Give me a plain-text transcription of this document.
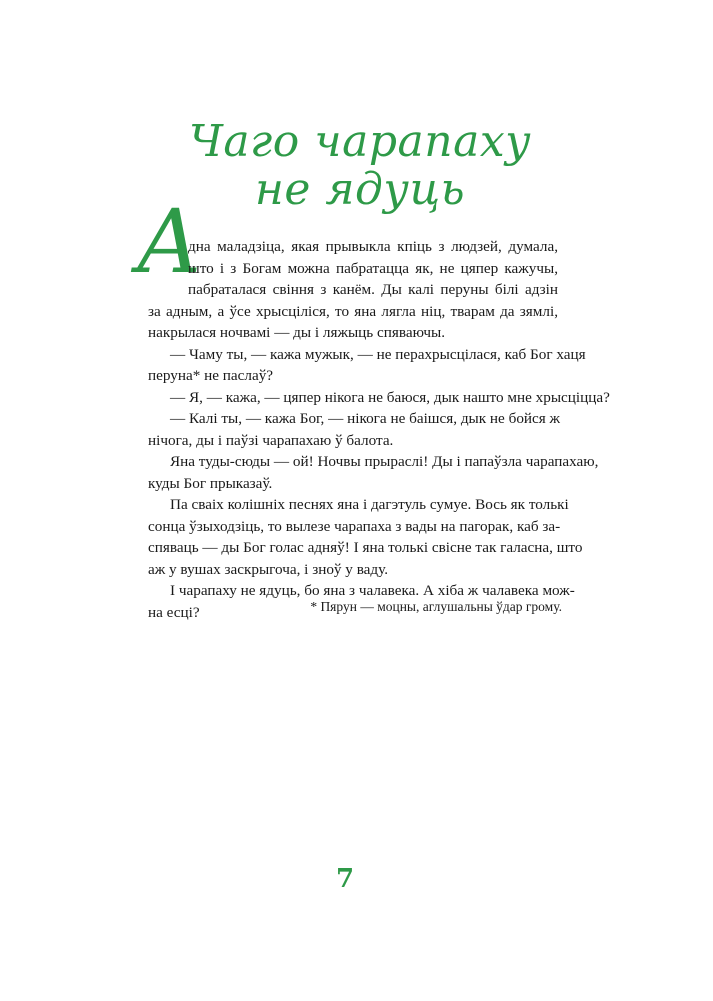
Чаго чарапаху
не ядуць
А
дна маладзіца, якая прывыкла кпіць з людзей, думала,
што і з Богам можна пабратацца як, не цяпер кажучы,
пабраталася свіння з канём. Ды калі перуны білі адзін
за адным, а ўсе хрысціліся, то яна лягла ніц, тварам да зямлі,
накрылася ночвамі — ды і ляжыць спяваючы.
— Чаму ты, — кажа мужык, — не перахрысцілася, каб Бог хаця
перуна* не паслаў?
— Я, — кажа, — цяпер нікога не баюся, дык нашто мне хрысціцца?
— Калі ты, — кажа Бог, — нікога не баішся, дык не бойся ж
нічога, ды і паўзі чарапахаю ў балота.
Яна туды-сюды — ой! Ночвы прыраслі! Ды і папаўзла чарапахаю,
куды Бог прыказаў.
Па сваіх колішніх песнях яна і дагэтуль сумуе. Вось як толькі
сонца ўзыходзіць, то вылезе чарапаха з вады на пагорак, каб за-
спяваць — ды Бог голас адняў! І яна толькі свісне так галасна, што
аж у вушах заскрыгоча, і зноў у ваду.
І чарапаху не ядуць, бо яна з чалавека. А хіба ж чалавека мож-
на есці?	* Пярун — моцны, аглушальны ўдар грому.
7
